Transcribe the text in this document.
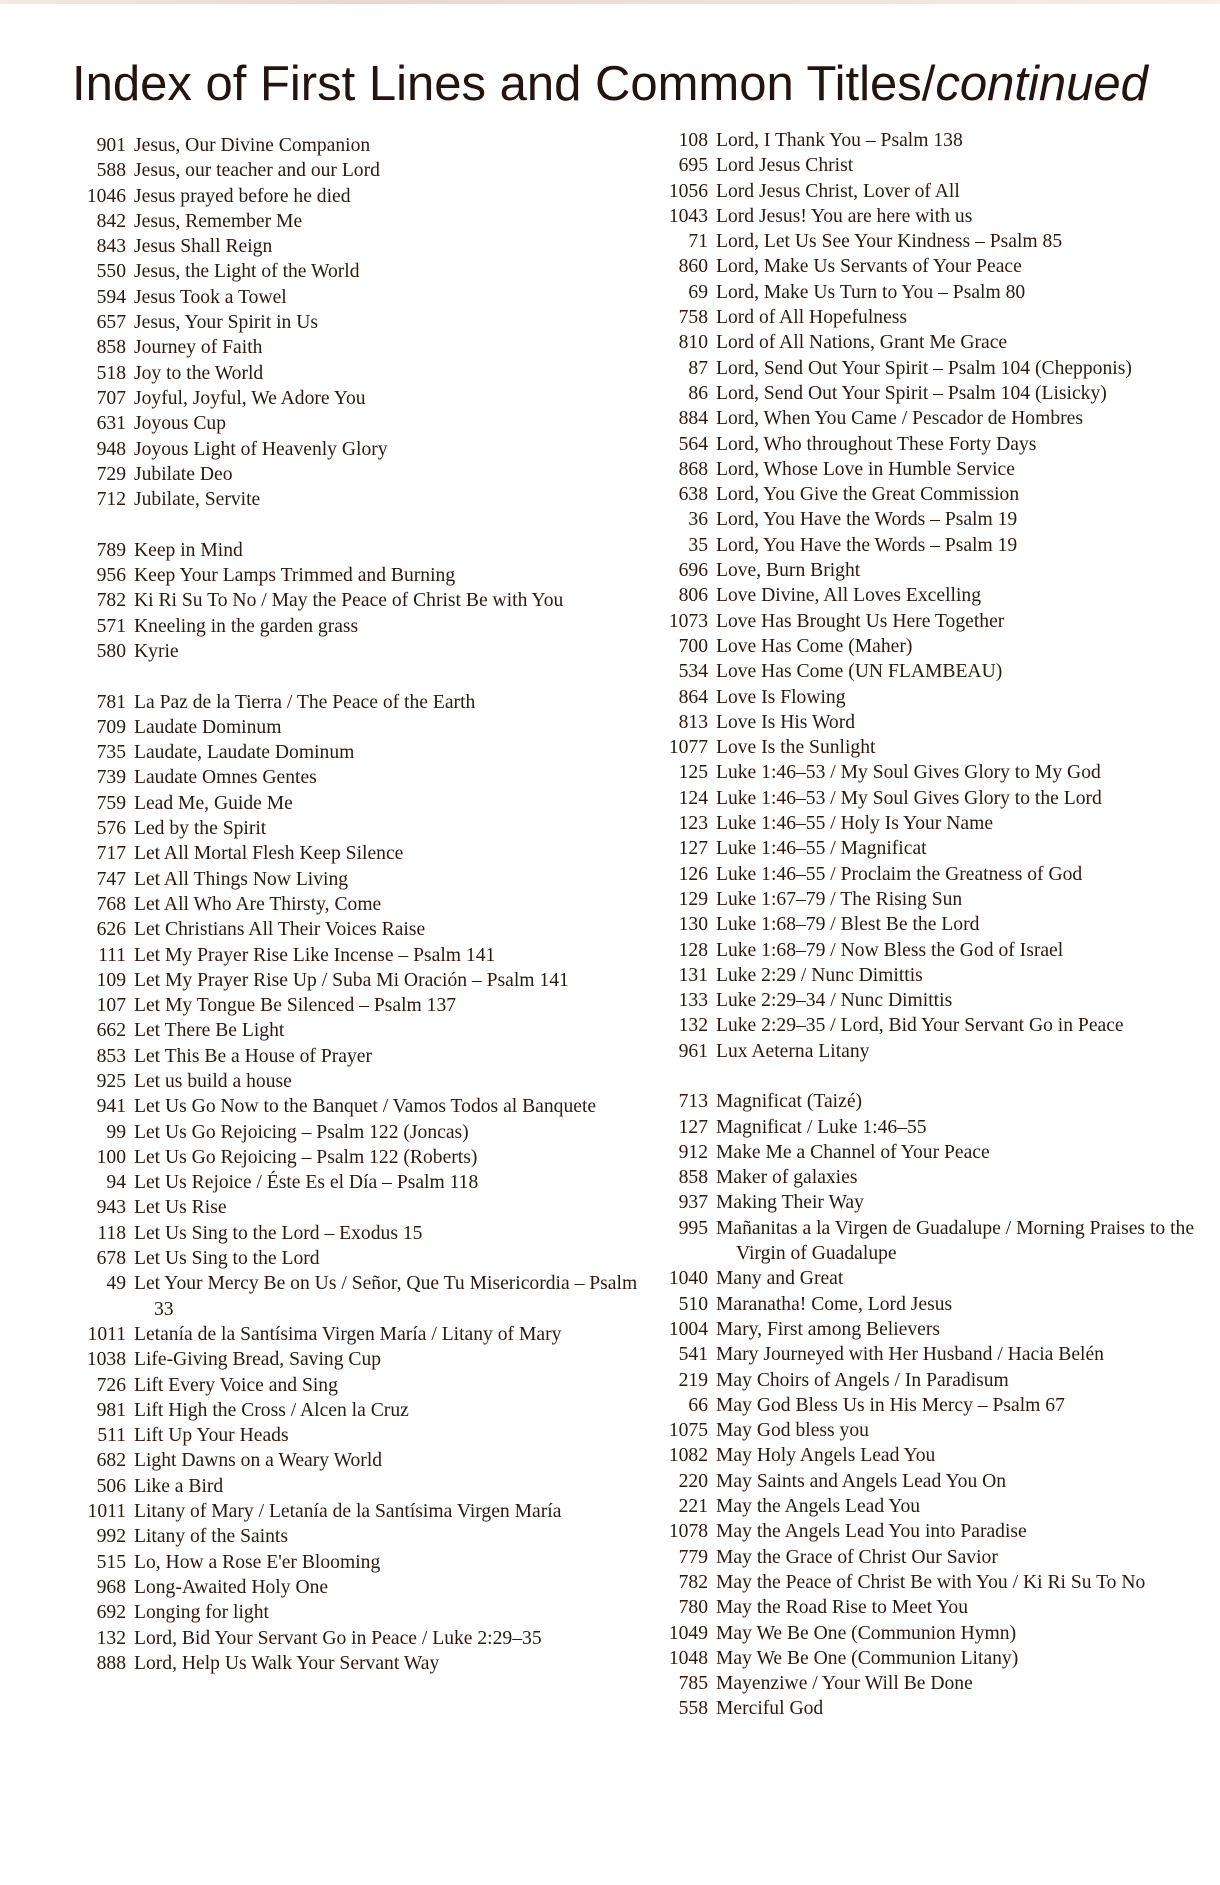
Index of First Lines and Common Titles/continued
901 Jesus, Our Divine Companion
588 Jesus, our teacher and our Lord
1046 Jesus prayed before he died
842 Jesus, Remember Me
843 Jesus Shall Reign
550 Jesus, the Light of the World
594 Jesus Took a Towel
657 Jesus, Your Spirit in Us
858 Journey of Faith
518 Joy to the World
707 Joyful, Joyful, We Adore You
631 Joyous Cup
948 Joyous Light of Heavenly Glory
729 Jubilate Deo
712 Jubilate, Servite
789 Keep in Mind
956 Keep Your Lamps Trimmed and Burning
782 Ki Ri Su To No / May the Peace of Christ Be with You
571 Kneeling in the garden grass
580 Kyrie
781 La Paz de la Tierra / The Peace of the Earth
709 Laudate Dominum
735 Laudate, Laudate Dominum
739 Laudate Omnes Gentes
759 Lead Me, Guide Me
576 Led by the Spirit
717 Let All Mortal Flesh Keep Silence
747 Let All Things Now Living
768 Let All Who Are Thirsty, Come
626 Let Christians All Their Voices Raise
111 Let My Prayer Rise Like Incense – Psalm 141
109 Let My Prayer Rise Up / Suba Mi Oración – Psalm 141
107 Let My Tongue Be Silenced – Psalm 137
662 Let There Be Light
853 Let This Be a House of Prayer
925 Let us build a house
941 Let Us Go Now to the Banquet / Vamos Todos al Banquete
99 Let Us Go Rejoicing – Psalm 122 (Joncas)
100 Let Us Go Rejoicing – Psalm 122 (Roberts)
94 Let Us Rejoice / Éste Es el Día – Psalm 118
943 Let Us Rise
118 Let Us Sing to the Lord – Exodus 15
678 Let Us Sing to the Lord
49 Let Your Mercy Be on Us / Señor, Que Tu Misericordia – Psalm 33
1011 Letanía de la Santísima Virgen María / Litany of Mary
1038 Life-Giving Bread, Saving Cup
726 Lift Every Voice and Sing
981 Lift High the Cross / Alcen la Cruz
511 Lift Up Your Heads
682 Light Dawns on a Weary World
506 Like a Bird
1011 Litany of Mary / Letanía de la Santísima Virgen María
992 Litany of the Saints
515 Lo, How a Rose E'er Blooming
968 Long-Awaited Holy One
692 Longing for light
132 Lord, Bid Your Servant Go in Peace / Luke 2:29–35
888 Lord, Help Us Walk Your Servant Way
108 Lord, I Thank You – Psalm 138
695 Lord Jesus Christ
1056 Lord Jesus Christ, Lover of All
1043 Lord Jesus! You are here with us
71 Lord, Let Us See Your Kindness – Psalm 85
860 Lord, Make Us Servants of Your Peace
69 Lord, Make Us Turn to You – Psalm 80
758 Lord of All Hopefulness
810 Lord of All Nations, Grant Me Grace
87 Lord, Send Out Your Spirit – Psalm 104 (Chepponis)
86 Lord, Send Out Your Spirit – Psalm 104 (Lisicky)
884 Lord, When You Came / Pescador de Hombres
564 Lord, Who throughout These Forty Days
868 Lord, Whose Love in Humble Service
638 Lord, You Give the Great Commission
36 Lord, You Have the Words – Psalm 19
35 Lord, You Have the Words – Psalm 19
696 Love, Burn Bright
806 Love Divine, All Loves Excelling
1073 Love Has Brought Us Here Together
700 Love Has Come (Maher)
534 Love Has Come (UN FLAMBEAU)
864 Love Is Flowing
813 Love Is His Word
1077 Love Is the Sunlight
125 Luke 1:46–53 / My Soul Gives Glory to My God
124 Luke 1:46–53 / My Soul Gives Glory to the Lord
123 Luke 1:46–55 / Holy Is Your Name
127 Luke 1:46–55 / Magnificat
126 Luke 1:46–55 / Proclaim the Greatness of God
129 Luke 1:67–79 / The Rising Sun
130 Luke 1:68–79 / Blest Be the Lord
128 Luke 1:68–79 / Now Bless the God of Israel
131 Luke 2:29 / Nunc Dimittis
133 Luke 2:29–34 / Nunc Dimittis
132 Luke 2:29–35 / Lord, Bid Your Servant Go in Peace
961 Lux Aeterna Litany
713 Magnificat (Taizé)
127 Magnificat / Luke 1:46–55
912 Make Me a Channel of Your Peace
858 Maker of galaxies
937 Making Their Way
995 Mañanitas a la Virgen de Guadalupe / Morning Praises to the Virgin of Guadalupe
1040 Many and Great
510 Maranatha! Come, Lord Jesus
1004 Mary, First among Believers
541 Mary Journeyed with Her Husband / Hacia Belén
219 May Choirs of Angels / In Paradisum
66 May God Bless Us in His Mercy – Psalm 67
1075 May God bless you
1082 May Holy Angels Lead You
220 May Saints and Angels Lead You On
221 May the Angels Lead You
1078 May the Angels Lead You into Paradise
779 May the Grace of Christ Our Savior
782 May the Peace of Christ Be with You / Ki Ri Su To No
780 May the Road Rise to Meet You
1049 May We Be One (Communion Hymn)
1048 May We Be One (Communion Litany)
785 Mayenziwe / Your Will Be Done
558 Merciful God
